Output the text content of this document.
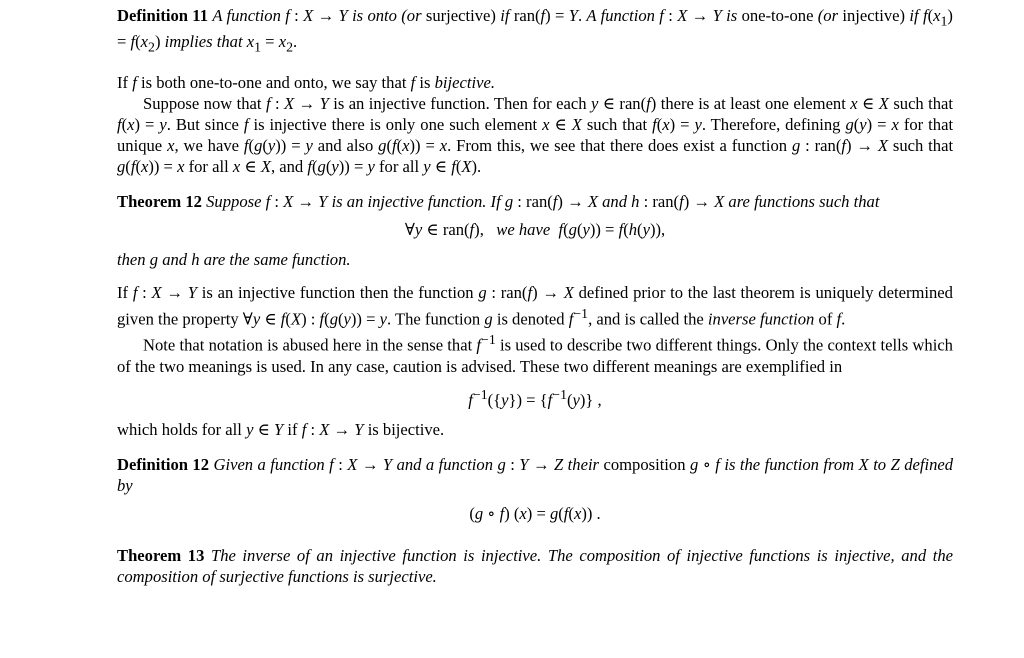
Definition 11 A function f : X → Y is onto (or surjective) if ran(f) = Y. A function f : X → Y is one-to-one (or injective) if $f(x_1) = f(x_2)$ implies that $x_1 = x_2$.

If f is both one-to-one and onto, we say that f is bijective.

Suppose now that f : X → Y is an injective function. Then for each y ∈ ran(f) there is at least one element x ∈ X such that f(x) = y. But since f is injective there is only one such element x ∈ X such that f(x) = y. Therefore, defining g(y) = x for that unique x, we have f(g(y)) = y and also g(f(x)) = x. From this, we see that there does exist a function g : ran(f) → X such that g(f(x)) = x for all x ∈ X, and f(g(y)) = y for all y ∈ f(X).

Theorem 12 Suppose f : X → Y is an injective function. If g : ran(f) → X and h : ran(f) → X are functions such that

∀y ∈ ran(f),   we have f(g(y)) = f(h(y)),

then g and h are the same function.

If f : X → Y is an injective function then the function g : ran(f) → X defined prior to the last theorem is uniquely determined given the property ∀y ∈ f(X) : f(g(y)) = y. The function g is denoted $f^{-1}$, and is called the inverse function of f.

Note that notation is abused here in the sense that $f^{-1}$ is used to describe two different things. Only the context tells which of the two meanings is used. In any case, caution is advised. These two different meanings are exemplified in

$f^{-1}(\{y\}) = \{f^{-1}(y)\}$ ,

which holds for all y ∈ Y if f : X → Y is bijective.

Definition 12 Given a function f : X → Y and a function g : Y → Z their composition g ∘ f is the function from X to Z defined by

(g ∘ f) (x) = g(f(x)) .

Theorem 13 The inverse of an injective function is injective. The composition of injective functions is injective, and the composition of surjective functions is surjective.
